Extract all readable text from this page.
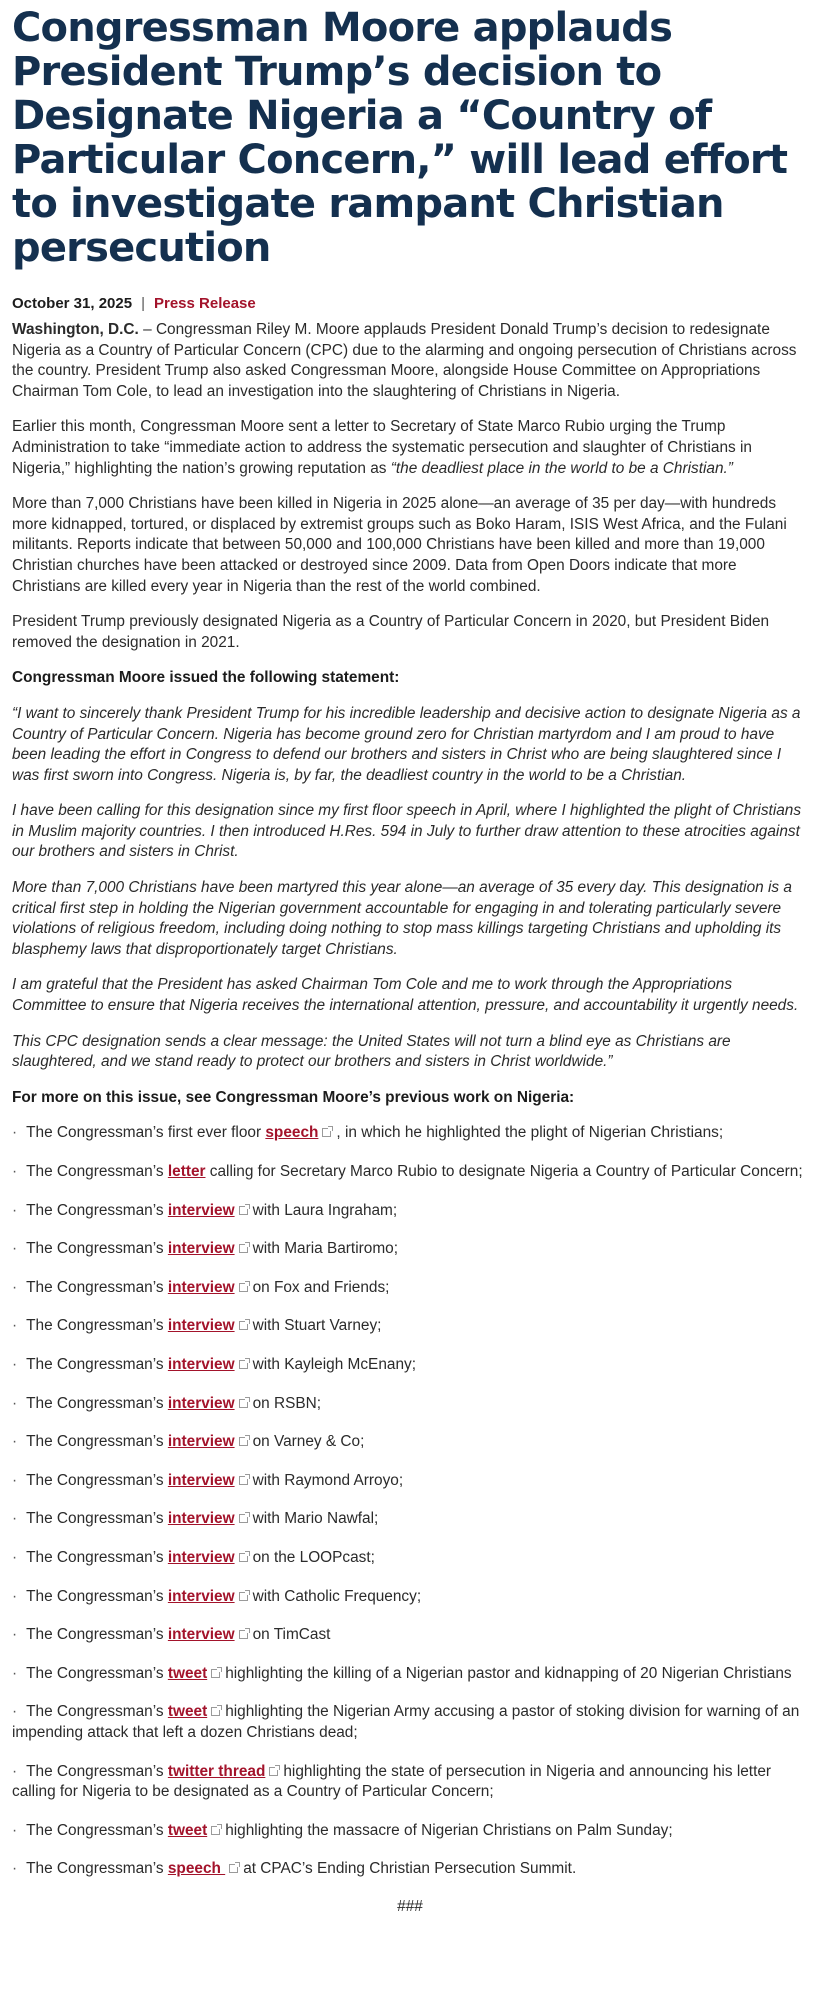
Congressman Moore applauds President Trump’s decision to Designate Nigeria a “Country of Particular Concern,” will lead effort to investigate rampant Christian persecution
October 31, 2025 | Press Release

Washington, D.C. – Congressman Riley M. Moore applauds President Donald Trump’s decision to redesignate Nigeria as a Country of Particular Concern (CPC) due to the alarming and ongoing persecution of Christians across the country. President Trump also asked Congressman Moore, alongside House Committee on Appropriations Chairman Tom Cole, to lead an investigation into the slaughtering of Christians in Nigeria.

Earlier this month, Congressman Moore sent a letter to Secretary of State Marco Rubio urging the Trump Administration to take “immediate action to address the systematic persecution and slaughter of Christians in Nigeria,” highlighting the nation’s growing reputation as “the deadliest place in the world to be a Christian.”

More than 7,000 Christians have been killed in Nigeria in 2025 alone—an average of 35 per day—with hundreds more kidnapped, tortured, or displaced by extremist groups such as Boko Haram, ISIS West Africa, and the Fulani militants. Reports indicate that between 50,000 and 100,000 Christians have been killed and more than 19,000 Christian churches have been attacked or destroyed since 2009. Data from Open Doors indicate that more Christians are killed every year in Nigeria than the rest of the world combined.

President Trump previously designated Nigeria as a Country of Particular Concern in 2020, but President Biden removed the designation in 2021.

Congressman Moore issued the following statement:

“I want to sincerely thank President Trump for his incredible leadership and decisive action to designate Nigeria as a Country of Particular Concern. Nigeria has become ground zero for Christian martyrdom and I am proud to have been leading the effort in Congress to defend our brothers and sisters in Christ who are being slaughtered since I was first sworn into Congress. Nigeria is, by far, the deadliest country in the world to be a Christian.

I have been calling for this designation since my first floor speech in April, where I highlighted the plight of Christians in Muslim majority countries. I then introduced H.Res. 594 in July to further draw attention to these atrocities against our brothers and sisters in Christ.

More than 7,000 Christians have been martyred this year alone—an average of 35 every day. This designation is a critical first step in holding the Nigerian government accountable for engaging in and tolerating particularly severe violations of religious freedom, including doing nothing to stop mass killings targeting Christians and upholding its blasphemy laws that disproportionately target Christians.

I am grateful that the President has asked Chairman Tom Cole and me to work through the Appropriations Committee to ensure that Nigeria receives the international attention, pressure, and accountability it urgently needs.

This CPC designation sends a clear message: the United States will not turn a blind eye as Christians are slaughtered, and we stand ready to protect our brothers and sisters in Christ worldwide.”

For more on this issue, see Congressman Moore’s previous work on Nigeria:

· The Congressman’s first ever floor speech , in which he highlighted the plight of Nigerian Christians;
· The Congressman’s letter calling for Secretary Marco Rubio to designate Nigeria a Country of Particular Concern;
· The Congressman’s interview with Laura Ingraham;
· The Congressman’s interview with Maria Bartiromo;
· The Congressman’s interview on Fox and Friends;
· The Congressman’s interview with Stuart Varney;
· The Congressman’s interview with Kayleigh McEnany;
· The Congressman’s interview on RSBN;
· The Congressman’s interview on Varney & Co;
· The Congressman’s interview with Raymond Arroyo;
· The Congressman’s interview with Mario Nawfal;
· The Congressman’s interview on the LOOPcast;
· The Congressman’s interview with Catholic Frequency;
· The Congressman’s interview on TimCast
· The Congressman’s tweet highlighting the killing of a Nigerian pastor and kidnapping of 20 Nigerian Christians
· The Congressman’s tweet highlighting the Nigerian Army accusing a pastor of stoking division for warning of an impending attack that left a dozen Christians dead;
· The Congressman’s twitter thread highlighting the state of persecution in Nigeria and announcing his letter calling for Nigeria to be designated as a Country of Particular Concern;
· The Congressman’s tweet highlighting the massacre of Nigerian Christians on Palm Sunday;
· The Congressman’s speech at CPAC’s Ending Christian Persecution Summit.
###
